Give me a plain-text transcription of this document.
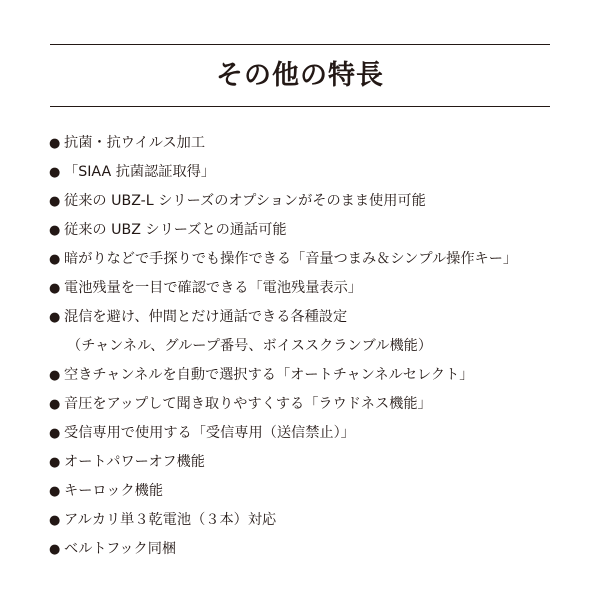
その他の特長
● 抗菌・抗ウイルス加工
● 「SIAA 抗菌認証取得」
● 従来の UBZ-L シリーズのオプションがそのまま使用可能
● 従来の UBZ シリーズとの通話可能
● 暗がりなどで手探りでも操作できる「音量つまみ＆シンプル操作キー」
● 電池残量を一目で確認できる「電池残量表示」
● 混信を避け、仲間とだけ通話できる各種設定
（チャンネル、グループ番号、ボイススクランブル機能）
● 空きチャンネルを自動で選択する「オートチャンネルセレクト」
● 音圧をアップして聞き取りやすくする「ラウドネス機能」
● 受信専用で使用する「受信専用（送信禁止）」
● オートパワーオフ機能
● キーロック機能
● アルカリ単３乾電池（３本）対応
● ベルトフック同梱
